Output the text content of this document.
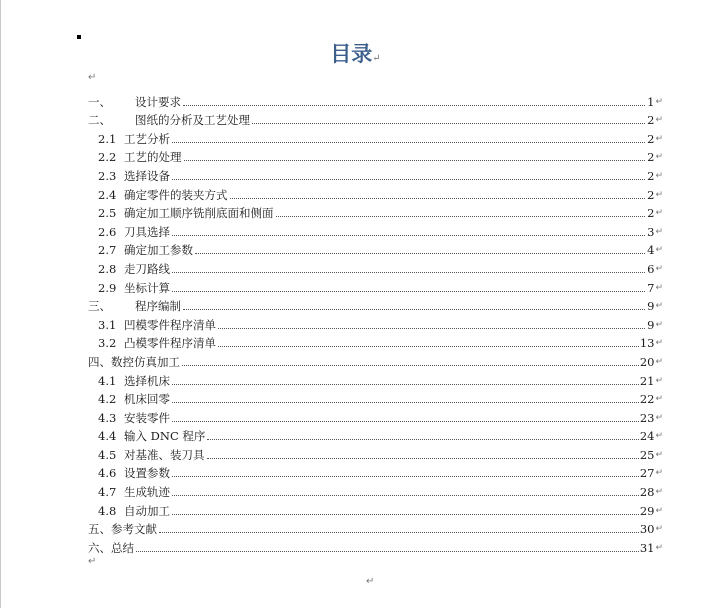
目录↵
↵
一、	设计要求	1 ↵
二、	图纸的分析及工艺处理	2 ↵
2.1 工艺分析	2 ↵
2.2 工艺的处理	2 ↵
2.3 选择设备	2 ↵
2.4 确定零件的装夹方式	2 ↵
2.5 确定加工顺序铣削底面和侧面	2 ↵
2.6 刀具选择	3 ↵
2.7 确定加工参数	4 ↵
2.8 走刀路线	6 ↵
2.9 坐标计算	7 ↵
三、	程序编制	9 ↵
3.1 凹模零件程序清单	9 ↵
3.2 凸模零件程序清单	13 ↵
四、 数控仿真加工	20 ↵
4.1 选择机床	21 ↵
4.2 机床回零	22 ↵
4.3 安装零件	23 ↵
4.4 输入 DNC 程序	24 ↵
4.5 对基准、装刀具	25 ↵
4.6 设置参数	27 ↵
4.7 生成轨迹	28 ↵
4.8 自动加工	29 ↵
五、 参考文献	30 ↵
六、 总结	31 ↵
↵
↵
